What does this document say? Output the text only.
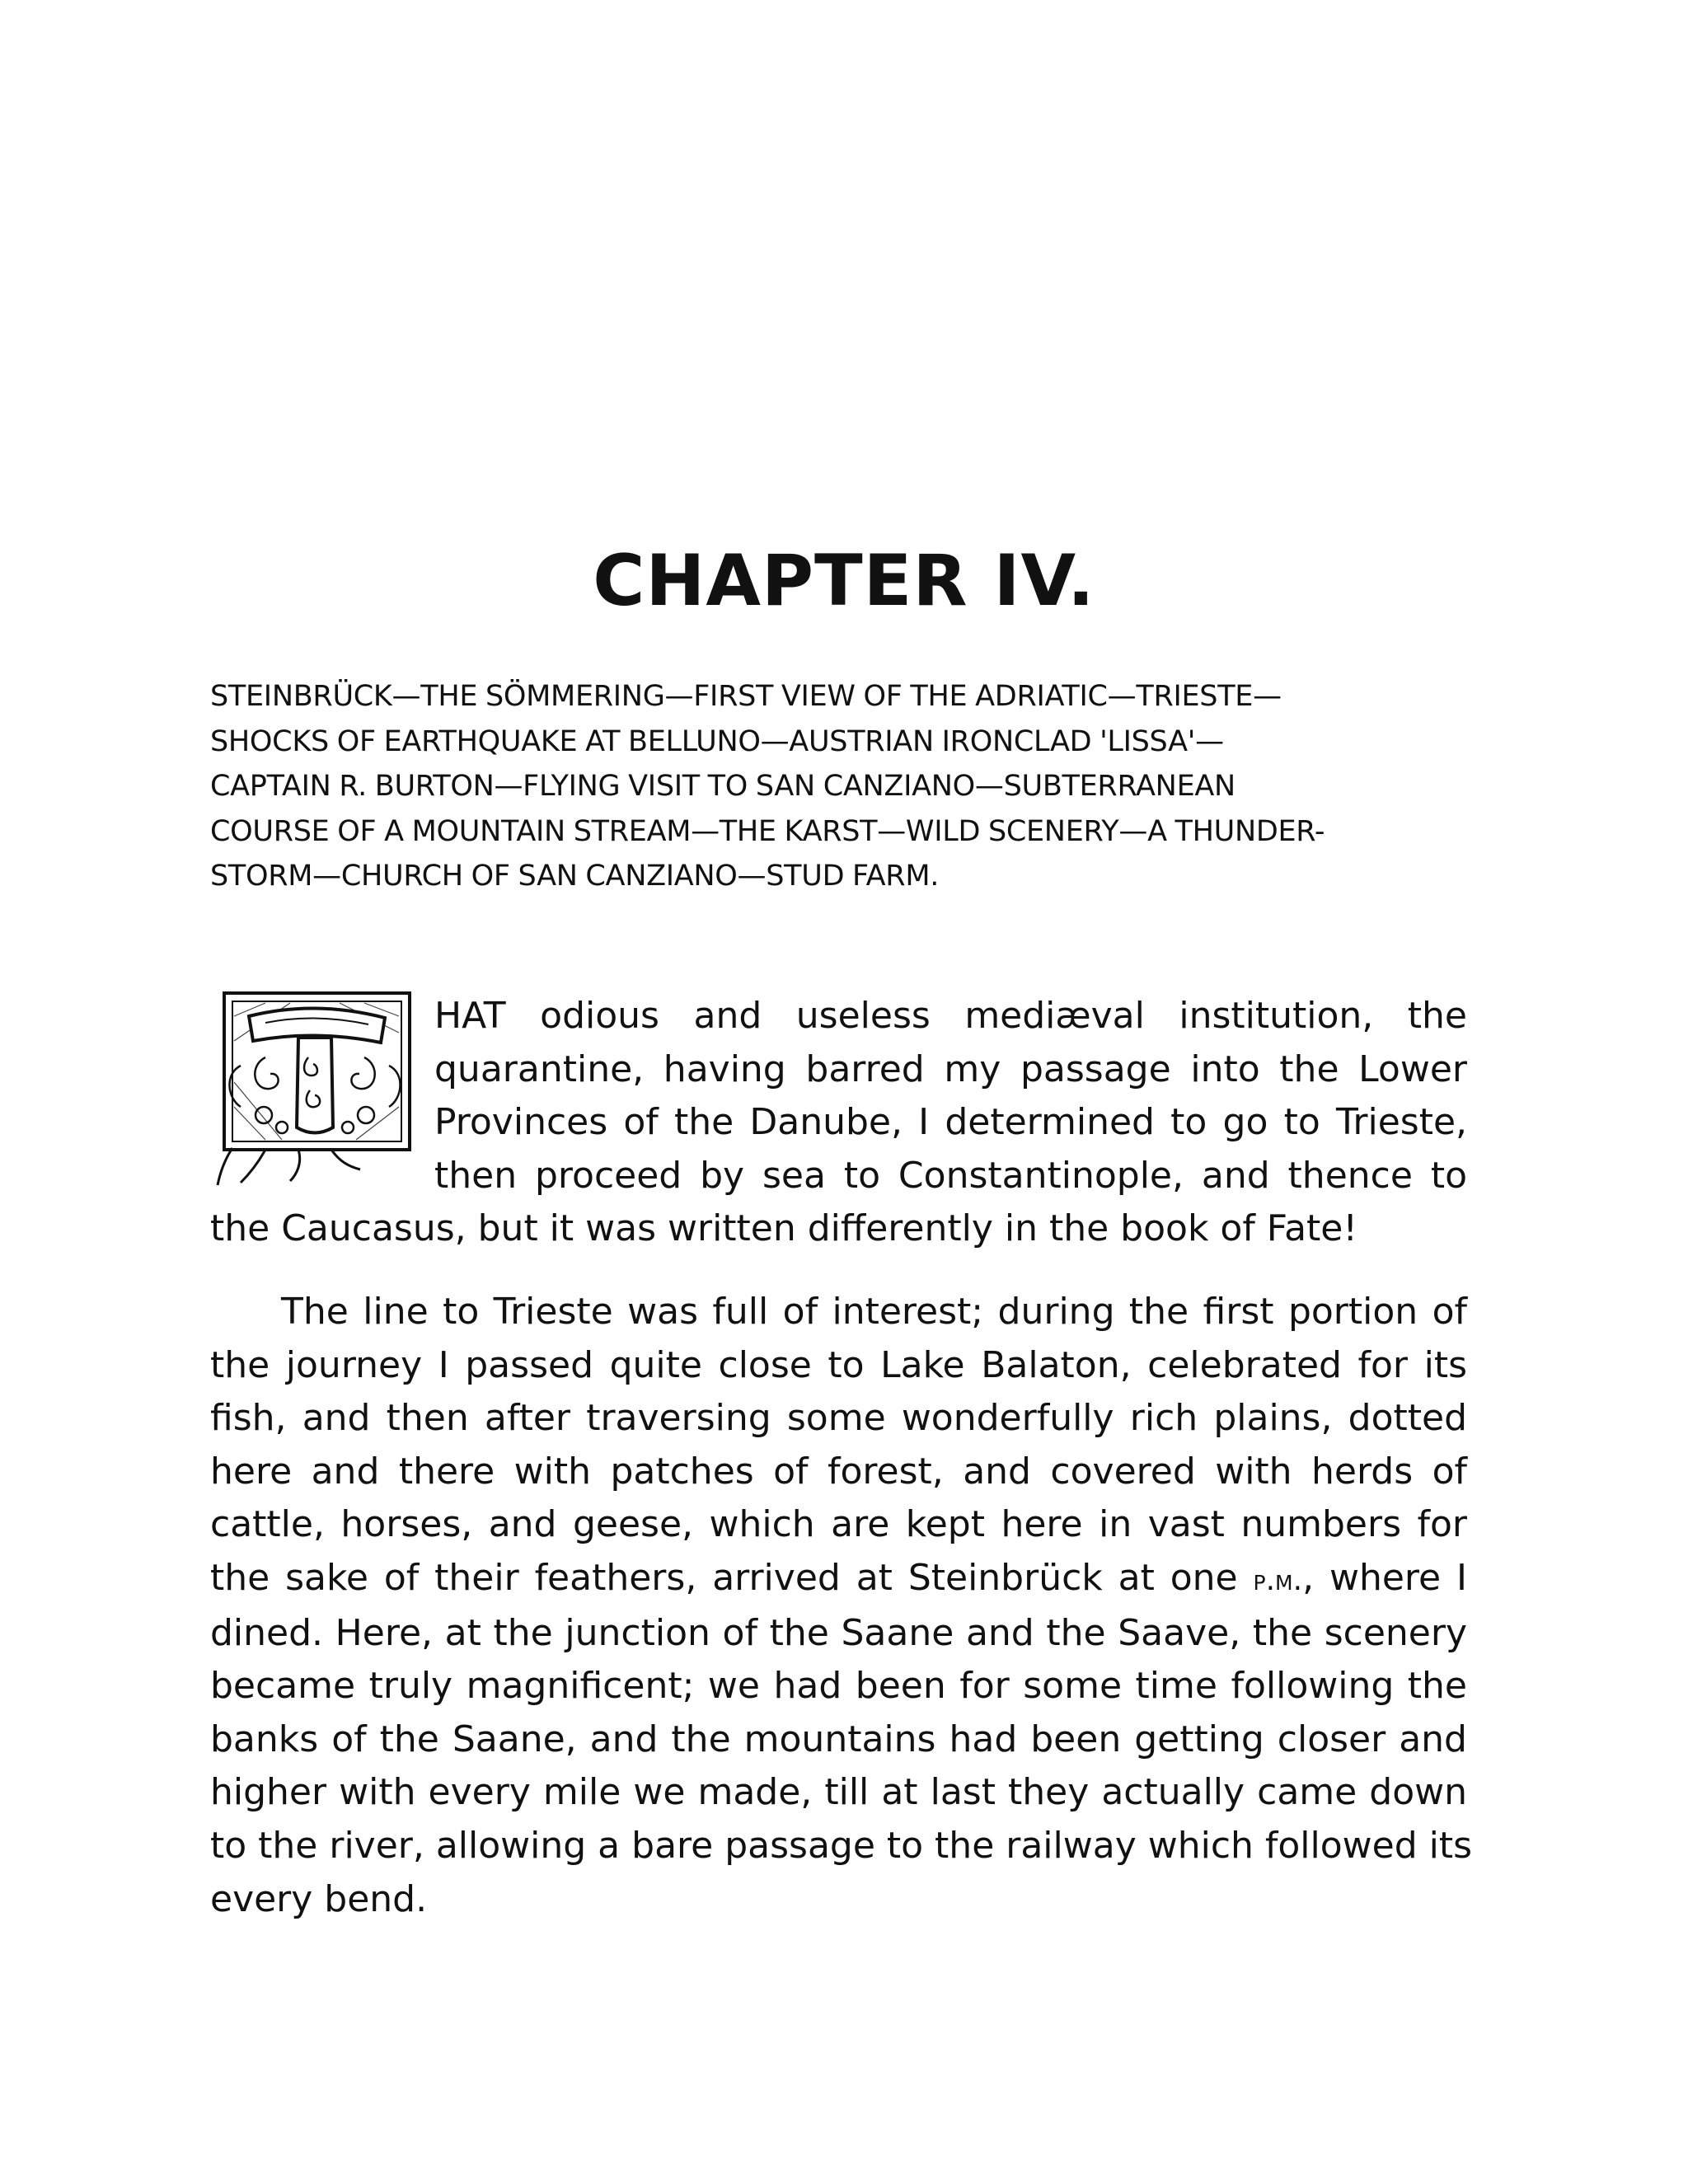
CHAPTER IV.
STEINBRÜCK—THE SÖMMERING—FIRST VIEW OF THE ADRIATIC—TRIESTE—
SHOCKS OF EARTHQUAKE AT BELLUNO—AUSTRIAN IRONCLAD 'LISSA'—
CAPTAIN R. BURTON—FLYING VISIT TO SAN CANZIANO—SUBTERRANEAN
COURSE OF A MOUNTAIN STREAM—THE KARST—WILD SCENERY—A THUNDER-
STORM—CHURCH OF SAN CANZIANO—STUD FARM.
HAT odious and useless mediæval institution, the
quarantine, having barred my passage into the Lower
Provinces of the Danube, I determined to go to Trieste,
then proceed by sea to Constantinople, and thence to
the Caucasus, but it was written differently in the book of Fate!
The line to Trieste was full of interest; during the first portion of
the journey I passed quite close to Lake Balaton, celebrated for its
fish, and then after traversing some wonderfully rich plains, dotted
here and there with patches of forest, and covered with herds of
cattle, horses, and geese, which are kept here in vast numbers for
the sake of their feathers, arrived at Steinbrück at one p.m., where I
dined. Here, at the junction of the Saane and the Saave, the scenery
became truly magnificent; we had been for some time following the
banks of the Saane, and the mountains had been getting closer and
higher with every mile we made, till at last they actually came down
to the river, allowing a bare passage to the railway which followed its
every bend.
